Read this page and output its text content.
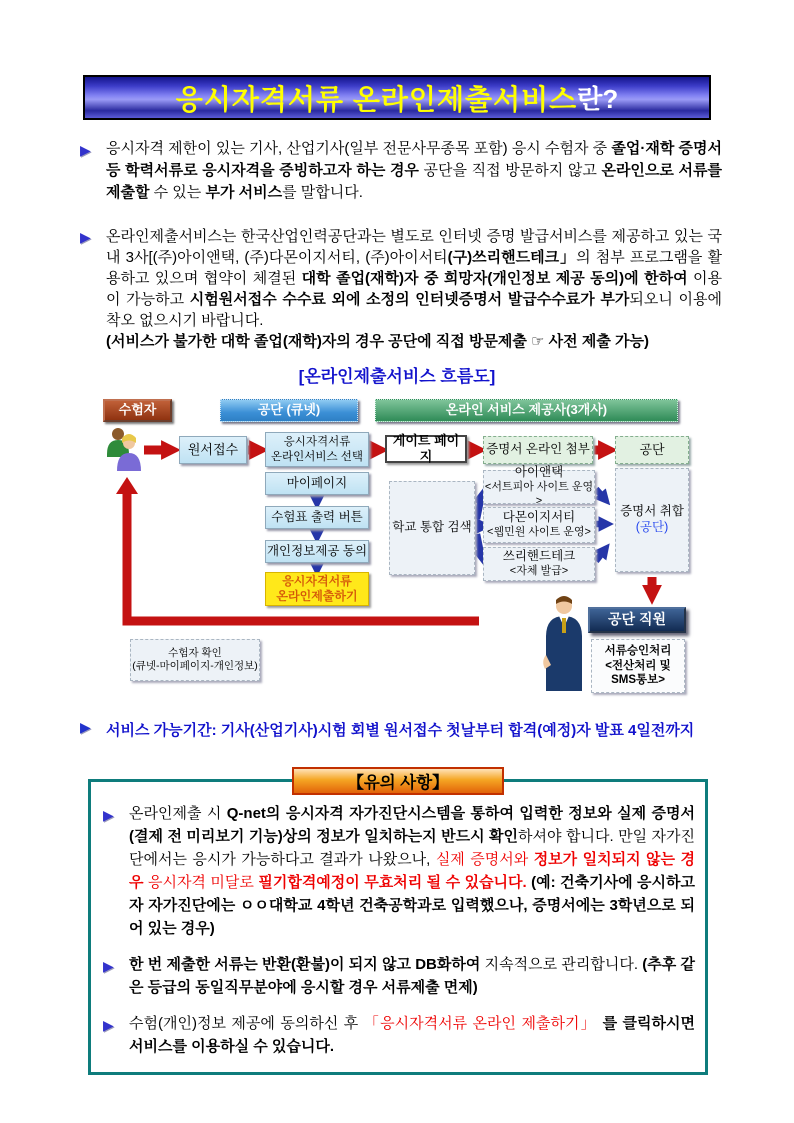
응시자격서류 온라인제출서비스 란?
▶ 응시자격 제한이 있는 기사, 산업기사(일부 전문사무종목 포함) 응시 수험자 중 졸업·재학 증명서 등 학력서류로 응시자격을 증빙하고자 하는 경우 공단을 직접 방문하지 않고 온라인으로 서류를 제출할 수 있는 부가 서비스를 말합니다.
▶ 온라인제출서비스는 한국산업인력공단과는 별도로 인터넷 증명 발급서비스를 제공하고 있는 국내 3사[(주)아이앤택, (주)다몬이지서티, (주)아이서티(구)쓰리핸드테크」의 첨부 프로그램을 활용하고 있으며 협약이 체결된 대학 졸업(재학)자 중 희망자(개인정보 제공 동의)에 한하여 이용이 가능하고 시험원서접수 수수료 외에 소정의 인터넷증명서 발급수수료가 부가되오니 이용에 착오 없으시기 바랍니다.
(서비스가 불가한 대학 졸업(재학)자의 경우 공단에 직접 방문제출 ☞ 사전 제출 가능)
[온라인제출서비스 흐름도]
수험자	공단 (큐넷)	온라인 서비스 제공사(3개사)
원서접수	응시자격서류
온라인서비스 선택
게이트 페이지	증명서 온라인 첨부	공단
마이페이지
수험표 출력 버튼
개인정보제공 동의
응시자격서류
온라인제출하기
학교 통합 검색
아이앤택
<서트피아 사이트 운영>
다몬이지서티
<웹민원 사이트 운영>
쓰리핸드테크
<자체 발급>
증명서 취합
(공단)
공단 직원
서류승인처리
<전산처리 및
SMS통보>
수험자 확인
(큐넷-마이페이지-개인정보)
▶ 서비스 가능기간: 기사(산업기사)시험 회별 원서접수 첫날부터 합격(예정)자 발표 4일전까지
【유의 사항】
▶ 온라인제출 시 Q-net의 응시자격 자가진단시스템을 통하여 입력한 정보와 실제 증명서(결제 전 미리보기 기능)상의 정보가 일치하는지 반드시 확인하셔야 합니다. 만일 자가진단에서는 응시가 가능하다고 결과가 나왔으나, 실제 증명서와 정보가 일치되지 않는 경우 응시자격 미달로 필기합격예정이 무효처리 될 수 있습니다. (예: 건축기사에 응시하고자 자가진단에는 ㅇㅇ대학교 4학년 건축공학과로 입력했으나, 증명서에는 3학년으로 되어 있는 경우)
▶ 한 번 제출한 서류는 반환(환불)이 되지 않고 DB화하여 지속적으로 관리합니다. (추후 같은 등급의 동일직무분야에 응시할 경우 서류제출 면제)
▶ 수험(개인)정보 제공에 동의하신 후 「응시자격서류 온라인 제출하기」 를 클릭하시면 서비스를 이용하실 수 있습니다.
